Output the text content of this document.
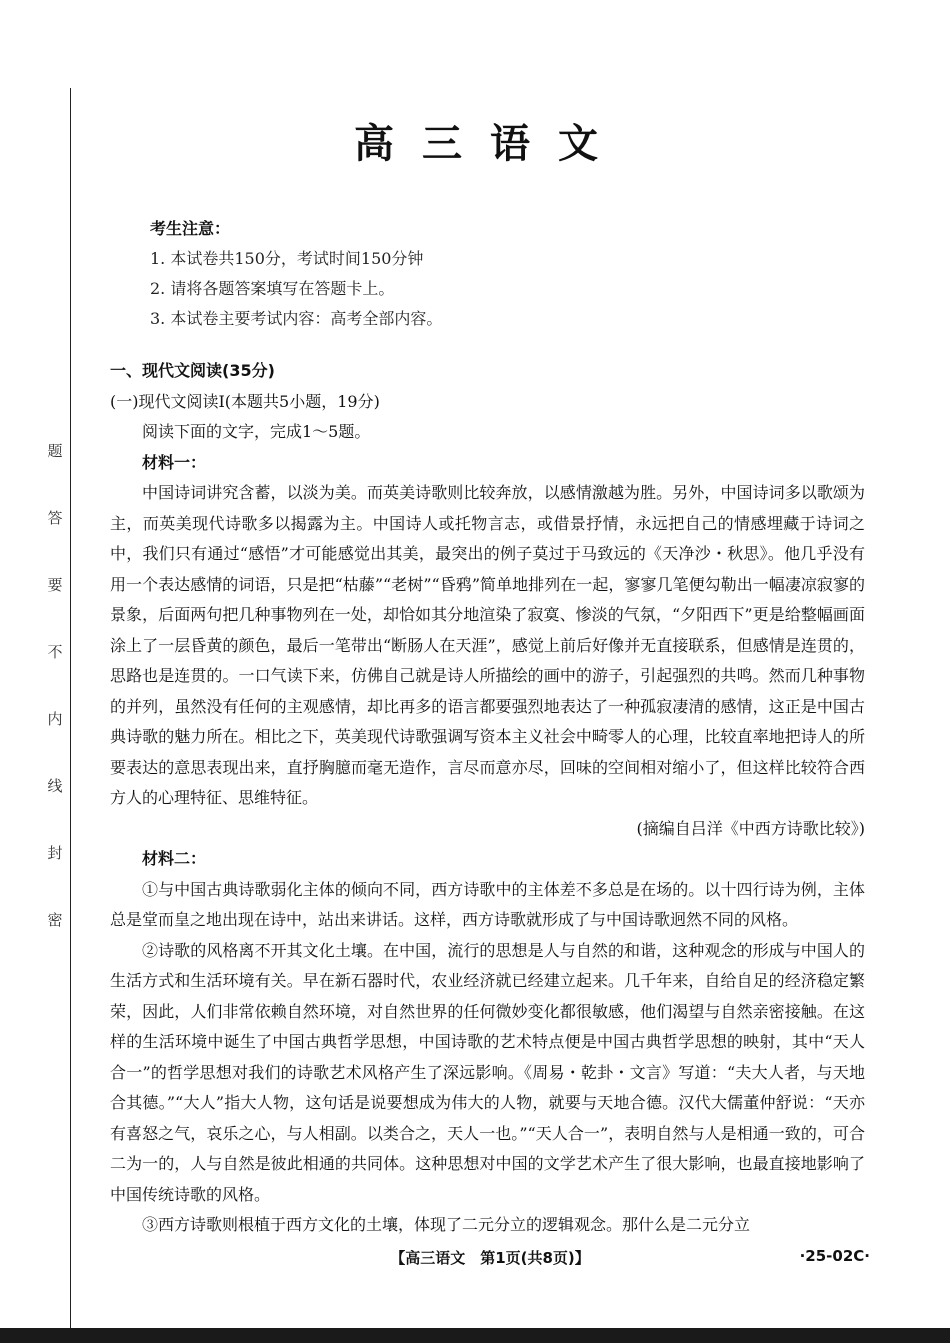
题
答
要
不
内
线
封
密
高三语文
考生注意：
1. 本试卷共150分，考试时间150分钟
2. 请将各题答案填写在答题卡上。
3. 本试卷主要考试内容：高考全部内容。
一、现代文阅读(35分)
(一)现代文阅读Ⅰ(本题共5小题，19分)
阅读下面的文字，完成1～5题。
材料一：

中国诗词讲究含蓄，以淡为美。而英美诗歌则比较奔放，以感情激越为胜。另外，中国诗词多以歌颂为主，而英美现代诗歌多以揭露为主。中国诗人或托物言志，或借景抒情，永远把自己的情感埋藏于诗词之中，我们只有通过“感悟”才可能感觉出其美，最突出的例子莫过于马致远的《天净沙・秋思》。他几乎没有用一个表达感情的词语，只是把“枯藤”“老树”“昏鸦”简单地排列在一起，寥寥几笔便勾勒出一幅凄凉寂寥的景象，后面两句把几种事物列在一处，却恰如其分地渲染了寂寞、惨淡的气氛，“夕阳西下”更是给整幅画面涂上了一层昏黄的颜色，最后一笔带出“断肠人在天涯”，感觉上前后好像并无直接联系，但感情是连贯的，思路也是连贯的。一口气读下来，仿佛自己就是诗人所描绘的画中的游子，引起强烈的共鸣。然而几种事物的并列，虽然没有任何的主观感情，却比再多的语言都要强烈地表达了一种孤寂凄清的感情，这正是中国古典诗歌的魅力所在。相比之下，英美现代诗歌强调写资本主义社会中畸零人的心理，比较直率地把诗人的所要表达的意思表现出来，直抒胸臆而毫无造作，言尽而意亦尽，回味的空间相对缩小了，但这样比较符合西方人的心理特征、思维特征。

(摘编自吕洋《中西方诗歌比较》)
材料二：

①与中国古典诗歌弱化主体的倾向不同，西方诗歌中的主体差不多总是在场的。以十四行诗为例，主体总是堂而皇之地出现在诗中，站出来讲话。这样，西方诗歌就形成了与中国诗歌迥然不同的风格。

②诗歌的风格离不开其文化土壤。在中国，流行的思想是人与自然的和谐，这种观念的形成与中国人的生活方式和生活环境有关。早在新石器时代，农业经济就已经建立起来。几千年来，自给自足的经济稳定繁荣，因此，人们非常依赖自然环境，对自然世界的任何微妙变化都很敏感，他们渴望与自然亲密接触。在这样的生活环境中诞生了中国古典哲学思想，中国诗歌的艺术特点便是中国古典哲学思想的映射，其中“天人合一”的哲学思想对我们的诗歌艺术风格产生了深远影响。《周易・乾卦・文言》写道：“夫大人者，与天地合其德。”“大人”指大人物，这句话是说要想成为伟大的人物，就要与天地合德。汉代大儒董仲舒说：“天亦有喜怒之气，哀乐之心，与人相副。以类合之，天人一也。”“天人合一”，表明自然与人是相通一致的，可合二为一的，人与自然是彼此相通的共同体。这种思想对中国的文学艺术产生了很大影响，也最直接地影响了中国传统诗歌的风格。

③西方诗歌则根植于西方文化的土壤，体现了二元分立的逻辑观念。那什么是二元分立

【高三语文　第1页(共8页)】	·25-02C·
